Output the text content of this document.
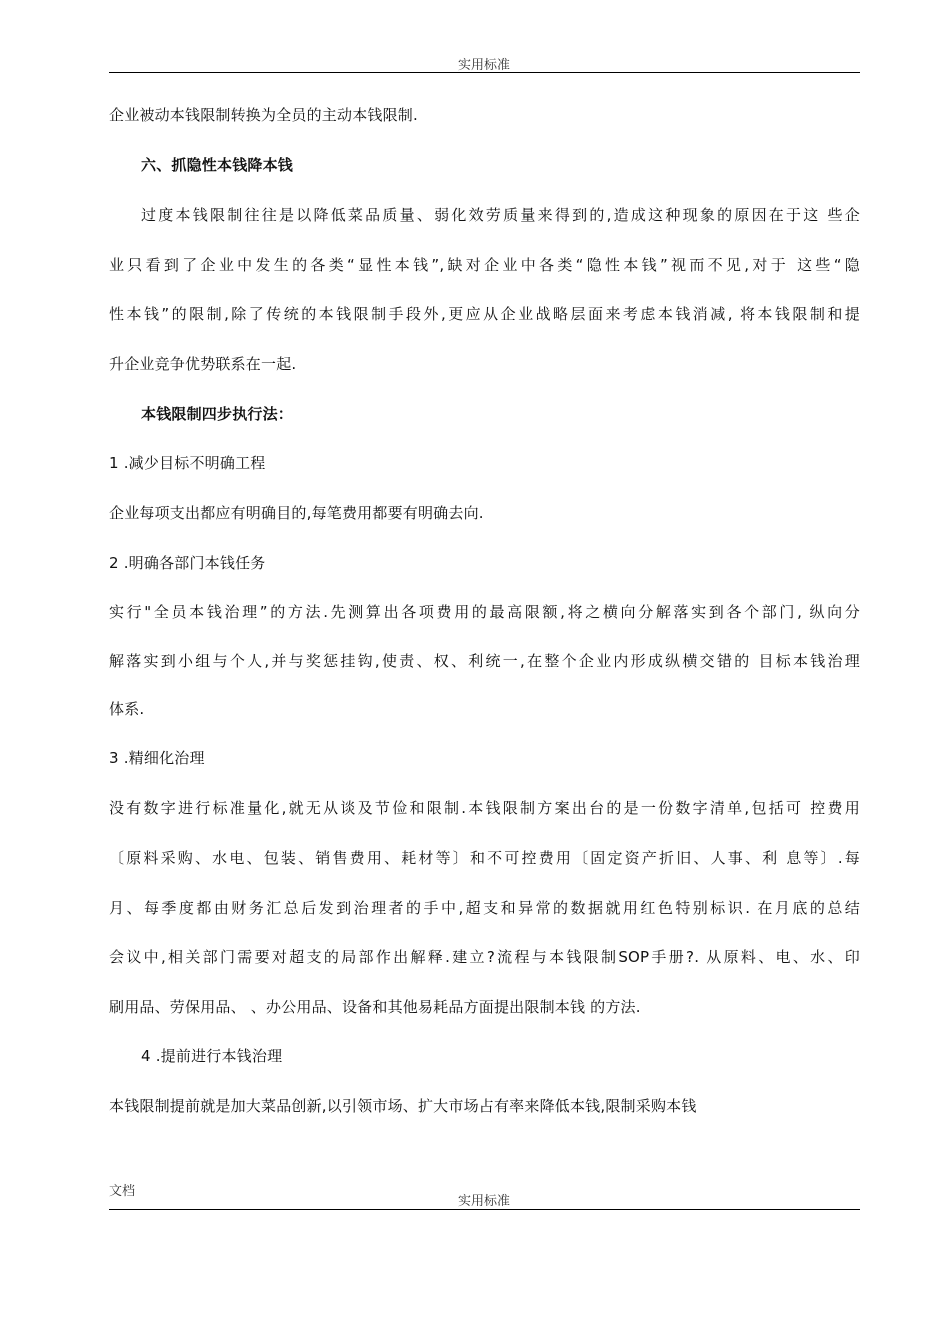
实用标准
企业被动本钱限制转换为全员的主动本钱限制.
六、抓隐性本钱降本钱
过度本钱限制往往是以降低菜品质量、弱化效劳质量来得到的,造成这种现象的原因在于这 些企
业只看到了企业中发生的各类“显性本钱”,缺对企业中各类“隐性本钱”视而不见,对于 这些“隐
性本钱”的限制,除了传统的本钱限制手段外,更应从企业战略层面来考虑本钱消减, 将本钱限制和提
升企业竞争优势联系在一起.
本钱限制四步执行法：
1 .减少目标不明确工程
企业每项支出都应有明确目的,每笔费用都要有明确去向.
2 .明确各部门本钱任务
实行"全员本钱治理”的方法.先测算出各项费用的最高限额,将之横向分解落实到各个部门, 纵向分
解落实到小组与个人,并与奖惩挂钩,使责、权、利统一,在整个企业内形成纵横交错的 目标本钱治理
体系.
3 .精细化治理
没有数字进行标准量化,就无从谈及节俭和限制.本钱限制方案出台的是一份数字清单,包括可 控费用
〔原料采购、水电、包装、销售费用、耗材等〕和不可控费用〔固定资产折旧、人事、利 息等〕.每
月、每季度都由财务汇总后发到治理者的手中,超支和异常的数据就用红色特别标识. 在月底的总结
会议中,相关部门需要对超支的局部作出解释.建立?流程与本钱限制SOP手册?. 从原料、电、水、印
刷用品、劳保用品、 、办公用品、设备和其他易耗品方面提出限制本钱 的方法.
4 .提前进行本钱治理
本钱限制提前就是加大菜品创新,以引领市场、扩大市场占有率来降低本钱,限制采购本钱
文档
实用标准
